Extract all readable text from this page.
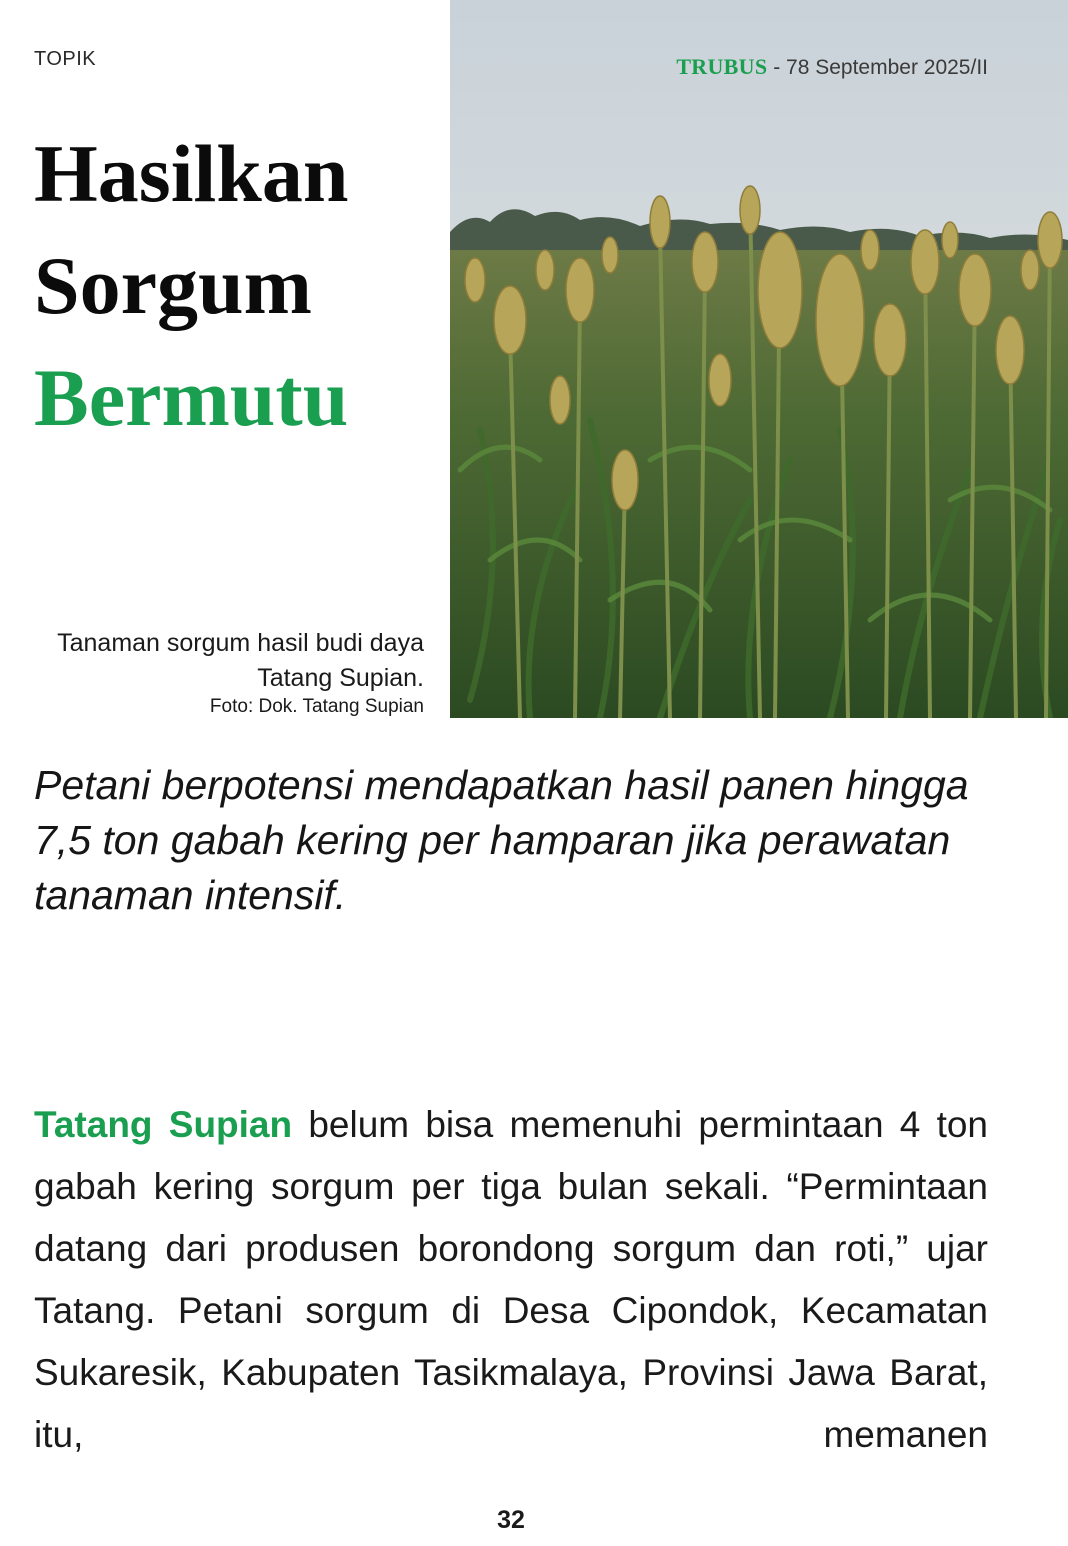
TOPIK
Hasilkan
Sorgum
Bermutu
TRUBUS - 78 September 2025/II
Tanaman sorgum hasil budi daya Tatang Supian.
Foto: Dok. Tatang Supian

Petani berpotensi mendapatkan hasil panen hingga 7,5 ton gabah kering per hamparan jika perawatan tanaman intensif.

Tatang Supian belum bisa memenuhi permintaan 4 ton gabah kering sorgum per tiga bulan sekali. “Permintaan datang dari produsen borondong sorgum dan roti,” ujar Tatang. Petani sorgum di Desa Cipondok, Kecamatan Sukaresik, Kabupaten Tasikmalaya, Provinsi Jawa Barat, itu, memanen

32
